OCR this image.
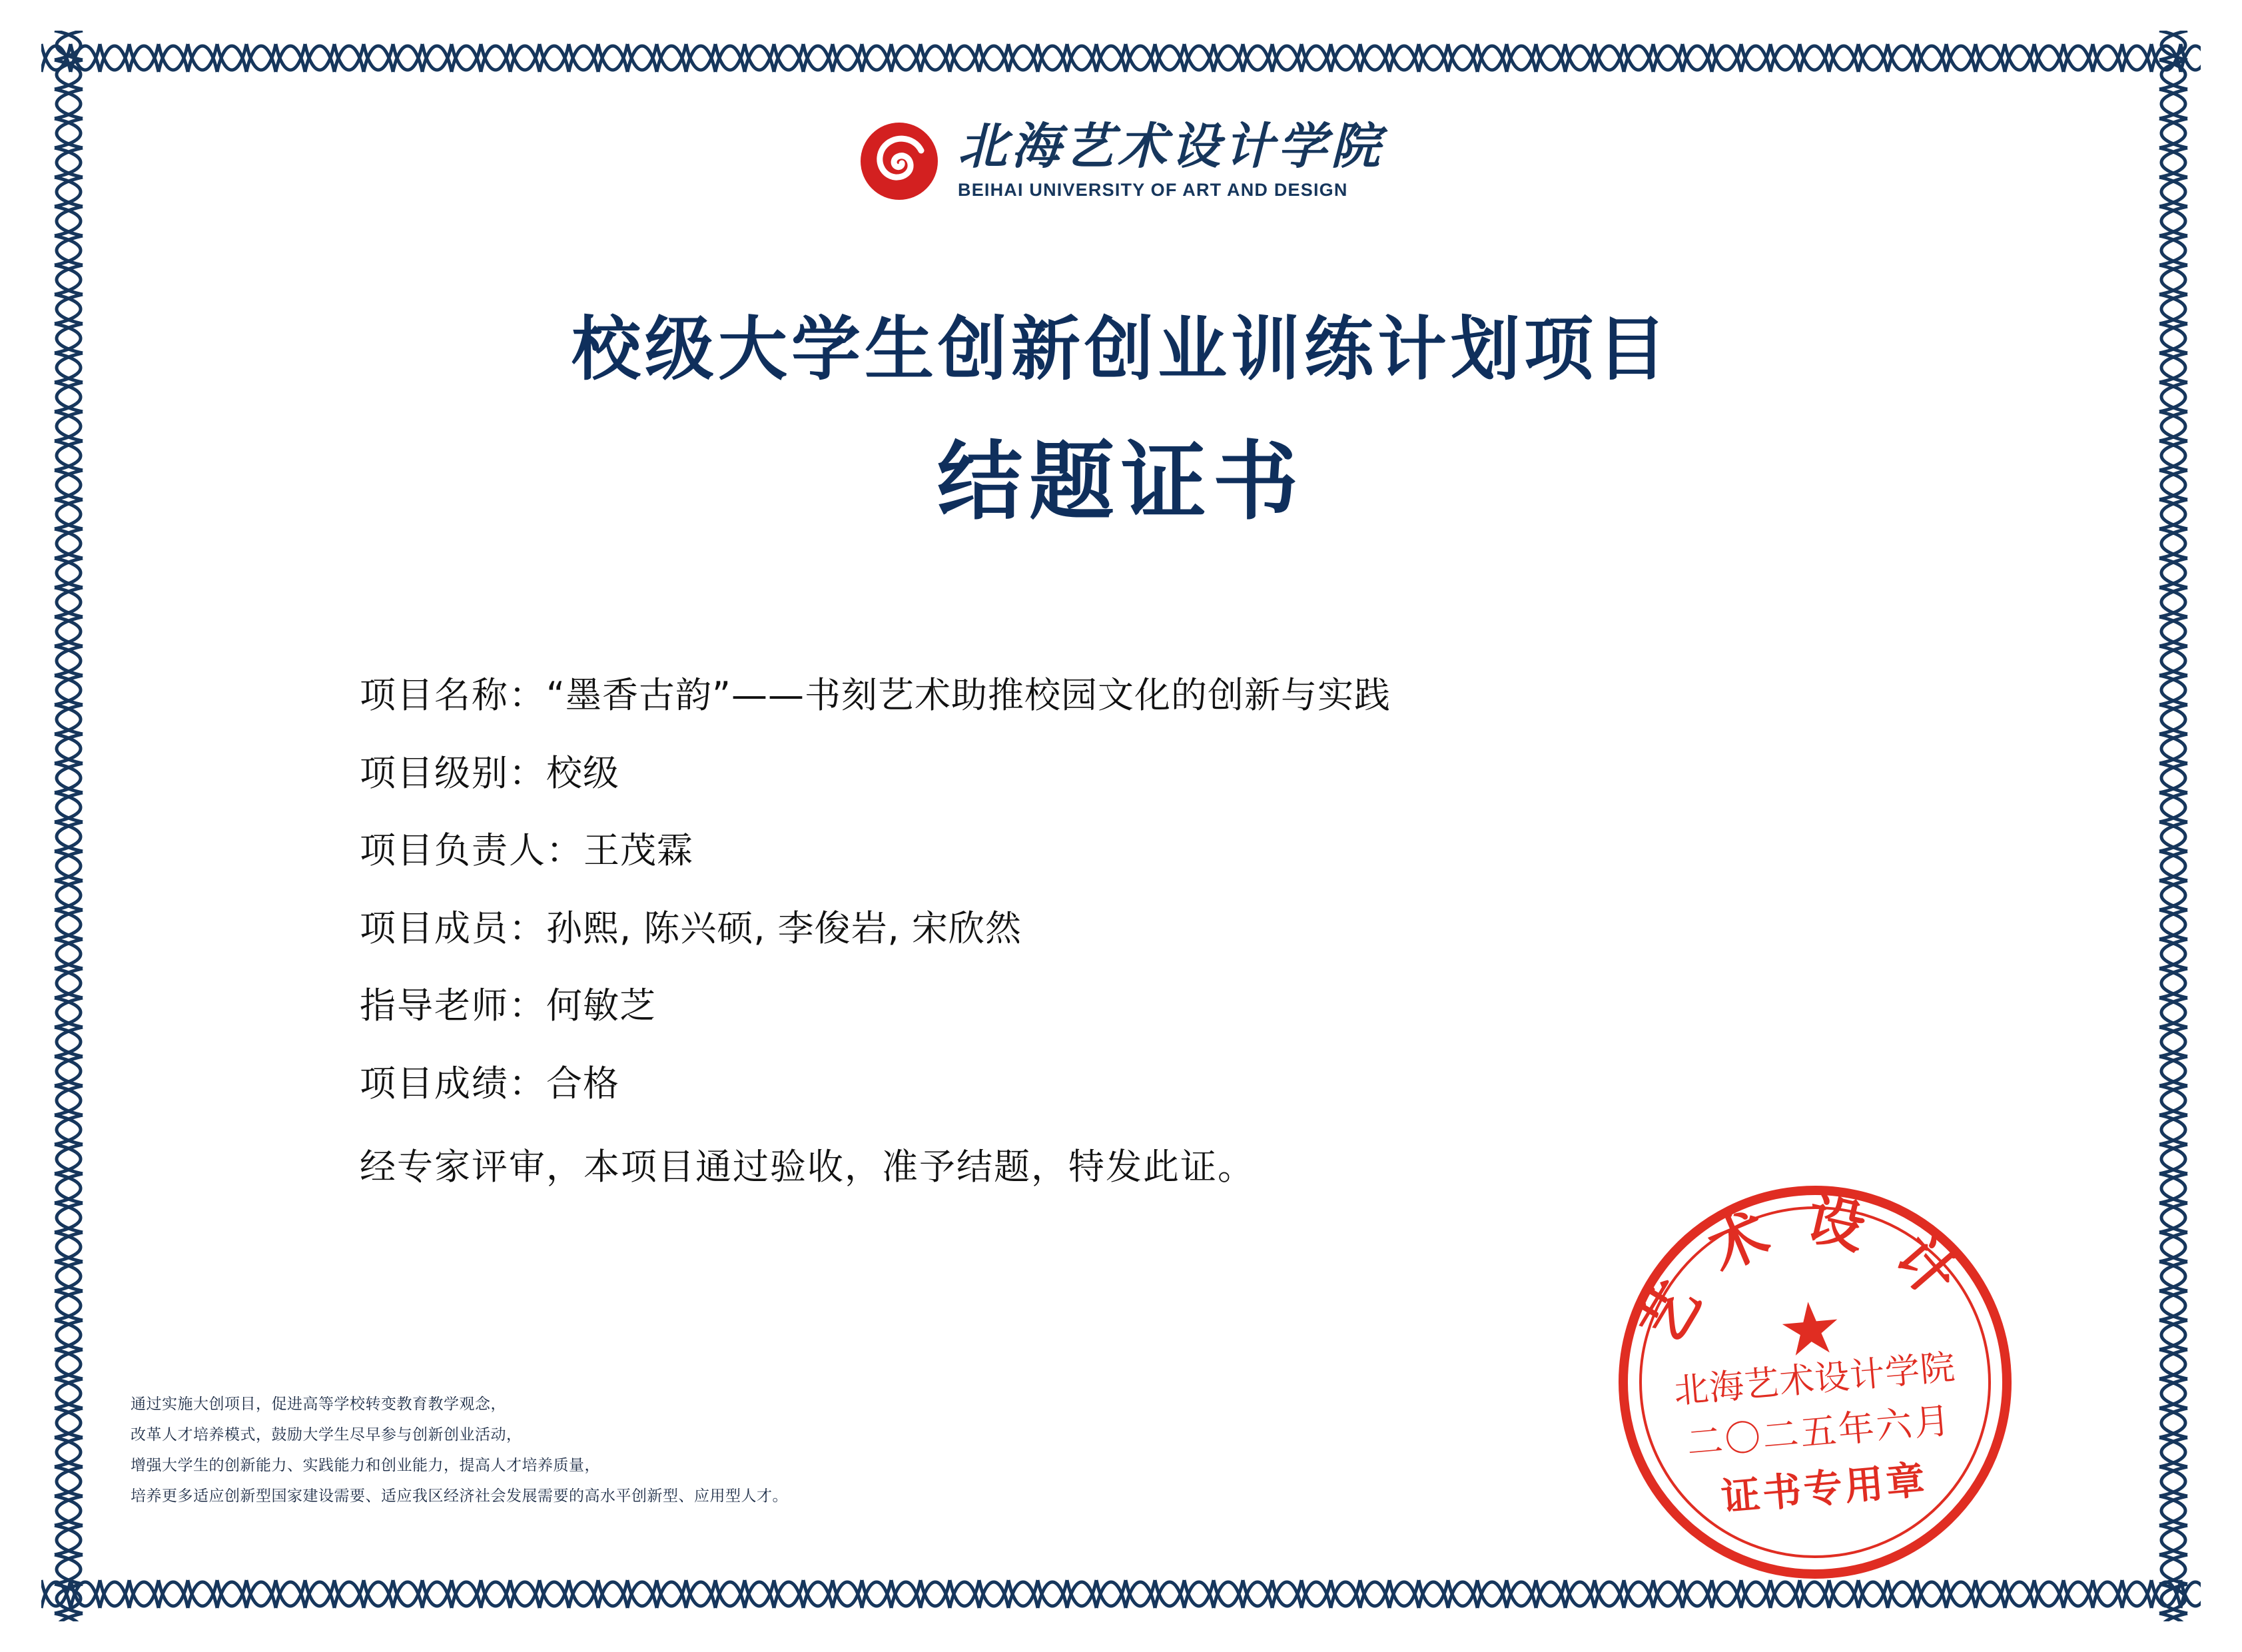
北海艺术设计学院
BEIHAI UNIVERSITY OF ART AND DESIGN
校级大学生创新创业训练计划项目
结题证书
项目名称： “墨香古韵”——书刻艺术助推校园文化的创新与实践
项目级别： 校级
项目负责人： 王茂霖
项目成员： 孙熙, 陈兴硕, 李俊岩, 宋欣然
指导老师： 何敏芝
项目成绩： 合格
经专家评审，本项目通过验收，准予结题，特发此证。
通过实施大创项目，促进高等学校转变教育教学观念，
改革人才培养模式，鼓励大学生尽早参与创新创业活动，
增强大学生的创新能力、实践能力和创业能力，提高人才培养质量，
培养更多适应创新型国家建设需要、适应我区经济社会发展需要的高水平创新型、应用型人才。
艺术设计
★
北海艺术设计学院
二〇二五年六月
证书专用章
